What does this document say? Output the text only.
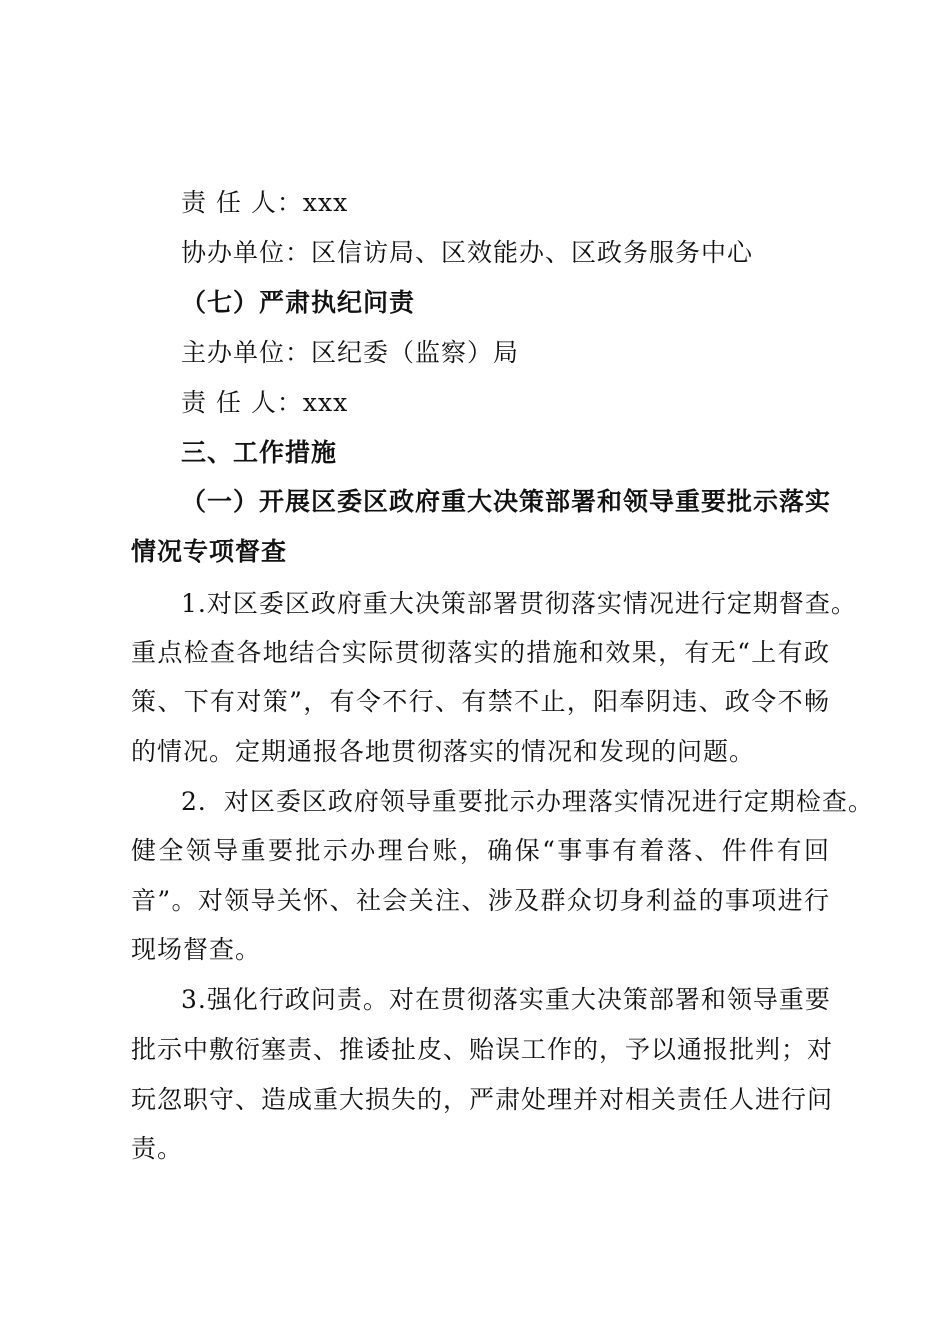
责 任 人：xxx
协办单位：区信访局、区效能办、区政务服务中心
（七）严肃执纪问责
主办单位：区纪委（监察）局
责 任 人：xxx
三、工作措施
（一）开展区委区政府重大决策部署和领导重要批示落实
情况专项督查
1.对区委区政府重大决策部署贯彻落实情况进行定期督查。
重点检查各地结合实际贯彻落实的措施和效果，有无“上有政
策、下有对策”，有令不行、有禁不止，阳奉阴违、政令不畅
的情况。定期通报各地贯彻落实的情况和发现的问题。
2．对区委区政府领导重要批示办理落实情况进行定期检查。
健全领导重要批示办理台账，确保“事事有着落、件件有回
音”。对领导关怀、社会关注、涉及群众切身利益的事项进行
现场督查。
3.强化行政问责。对在贯彻落实重大决策部署和领导重要
批示中敷衍塞责、推诿扯皮、贻误工作的，予以通报批判；对
玩忽职守、造成重大损失的，严肃处理并对相关责任人进行问
责。
